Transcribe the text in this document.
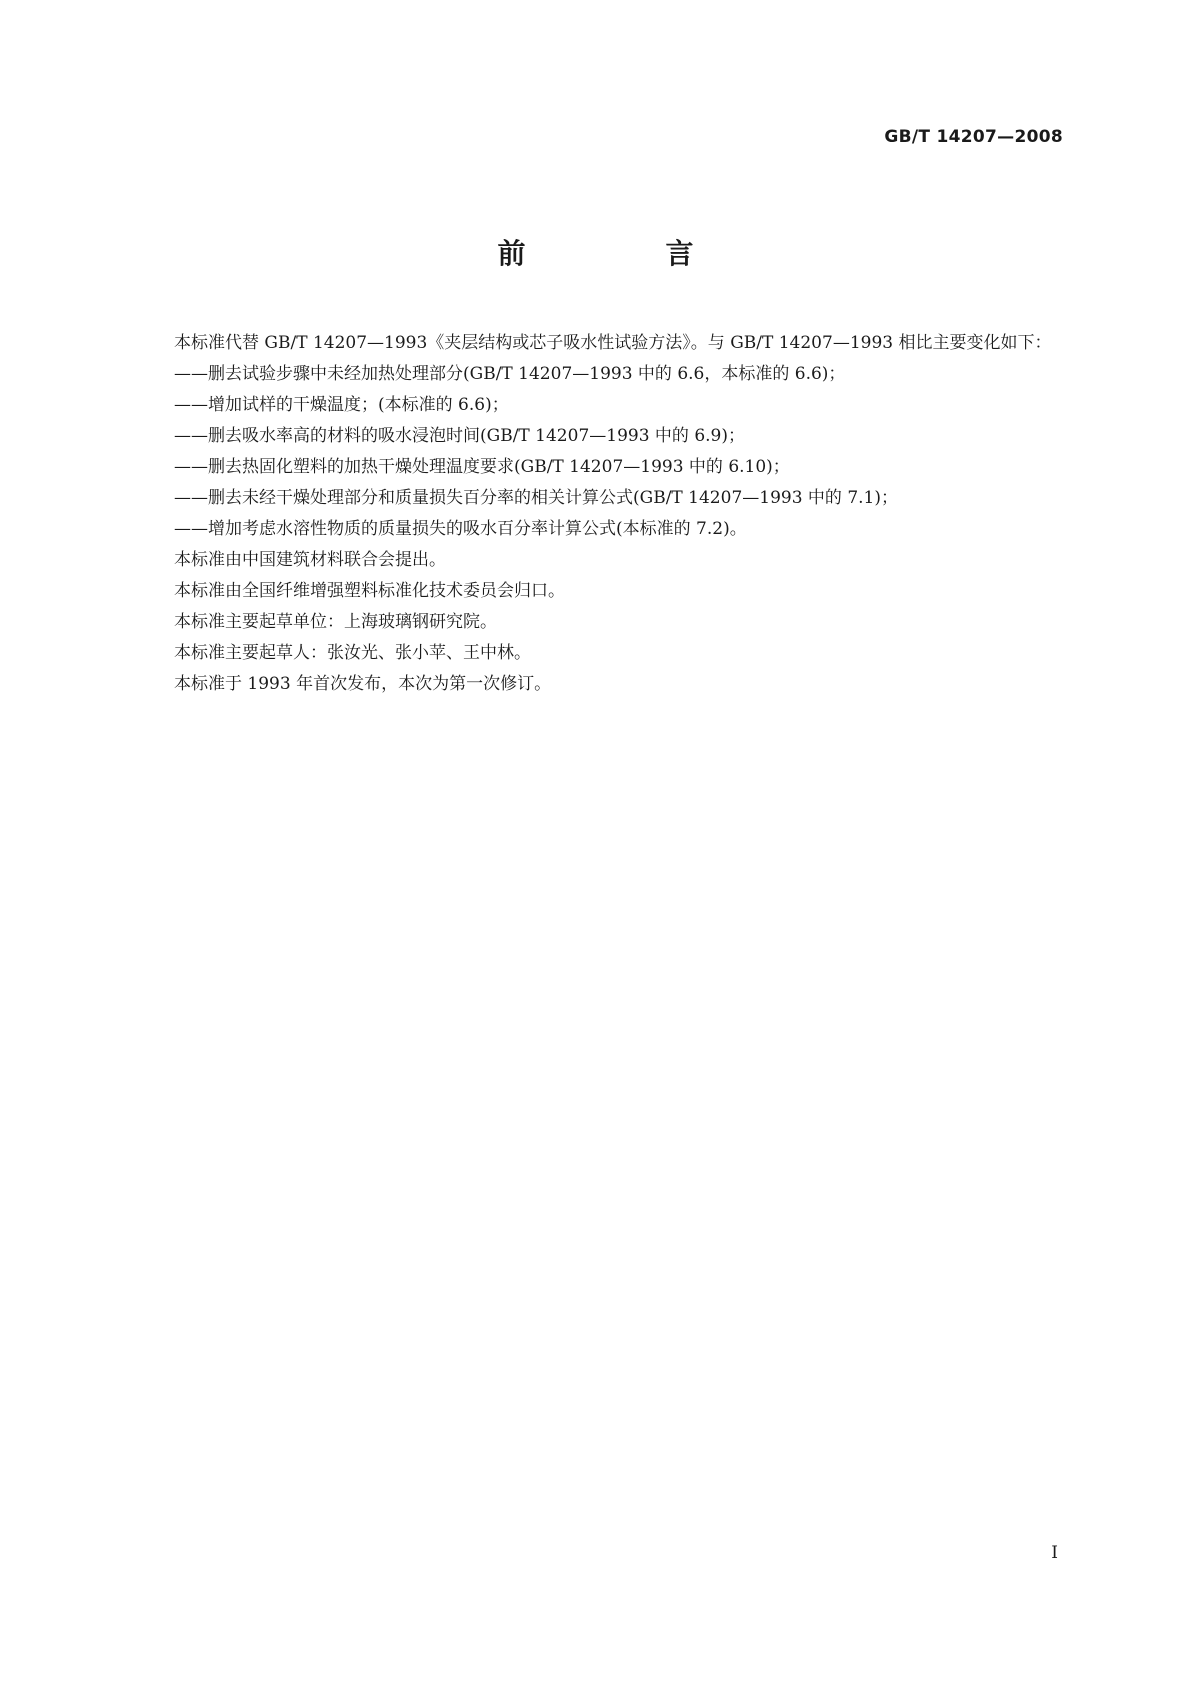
GB/T 14207—2008
前　言

本标准代替 GB/T 14207—1993《夹层结构或芯子吸水性试验方法》。与 GB/T 14207—1993 相比主要变化如下：

——删去试验步骤中未经加热处理部分(GB/T 14207—1993 中的 6.6，本标准的 6.6)；

——增加试样的干燥温度；(本标准的 6.6)；

——删去吸水率高的材料的吸水浸泡时间(GB/T 14207—1993 中的 6.9)；

——删去热固化塑料的加热干燥处理温度要求(GB/T 14207—1993 中的 6.10)；

——删去未经干燥处理部分和质量损失百分率的相关计算公式(GB/T 14207—1993 中的 7.1)；

——增加考虑水溶性物质的质量损失的吸水百分率计算公式(本标准的 7.2)。

本标准由中国建筑材料联合会提出。

本标准由全国纤维增强塑料标准化技术委员会归口。

本标准主要起草单位：上海玻璃钢研究院。

本标准主要起草人：张汝光、张小苹、王中林。

本标准于 1993 年首次发布，本次为第一次修订。

I
